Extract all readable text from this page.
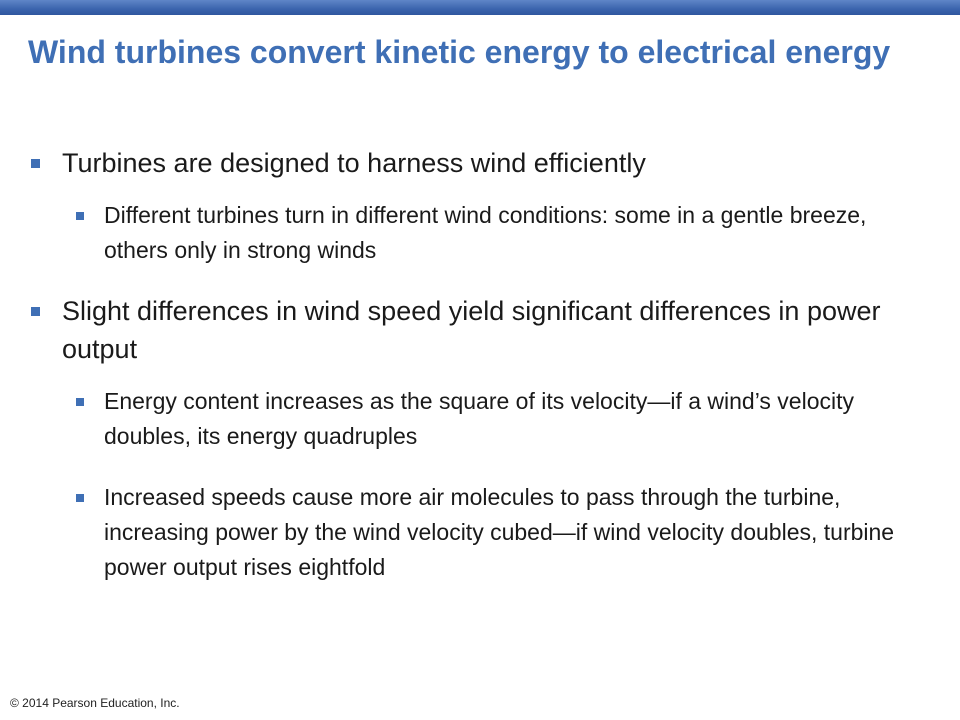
Wind turbines convert kinetic energy to electrical energy
Turbines are designed to harness wind efficiently
Different turbines turn in different wind conditions: some in a gentle breeze, others only in strong winds
Slight differences in wind speed yield significant differences in power output
Energy content increases as the square of its velocity—if a wind’s velocity doubles, its energy quadruples
Increased speeds cause more air molecules to pass through the turbine, increasing power by the wind velocity cubed—if wind velocity doubles, turbine power output rises eightfold
© 2014 Pearson Education, Inc.
